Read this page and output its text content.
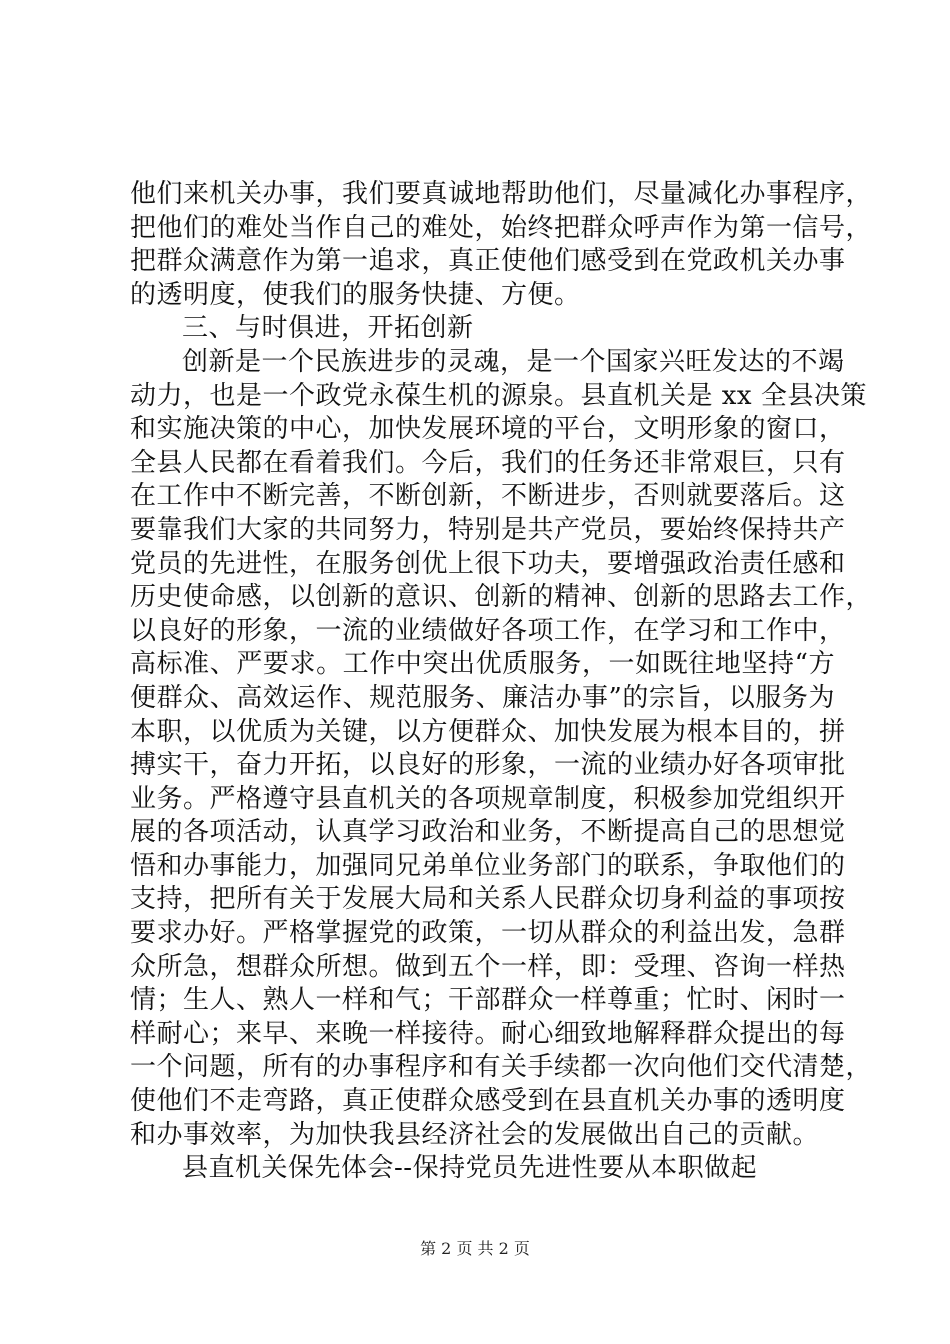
他们来机关办事，我们要真诚地帮助他们，尽量减化办事程序，
把他们的难处当作自己的难处，始终把群众呼声作为第一信号，
把群众满意作为第一追求，真正使他们感受到在党政机关办事
的透明度，使我们的服务快捷、方便。
三、与时俱进，开拓创新
创新是一个民族进步的灵魂，是一个国家兴旺发达的不竭
动力，也是一个政党永葆生机的源泉。县直机关是 xx 全县决策
和实施决策的中心，加快发展环境的平台，文明形象的窗口，
全县人民都在看着我们。今后，我们的任务还非常艰巨，只有
在工作中不断完善，不断创新，不断进步，否则就要落后。这
要靠我们大家的共同努力，特别是共产党员，要始终保持共产
党员的先进性，在服务创优上很下功夫，要增强政治责任感和
历史使命感，以创新的意识、创新的精神、创新的思路去工作，
以良好的形象，一流的业绩做好各项工作，在学习和工作中，
高标准、严要求。工作中突出优质服务，一如既往地坚持“方
便群众、高效运作、规范服务、廉洁办事”的宗旨，以服务为
本职，以优质为关键，以方便群众、加快发展为根本目的，拼
搏实干，奋力开拓，以良好的形象，一流的业绩办好各项审批
业务。严格遵守县直机关的各项规章制度，积极参加党组织开
展的各项活动，认真学习政治和业务，不断提高自己的思想觉
悟和办事能力，加强同兄弟单位业务部门的联系，争取他们的
支持，把所有关于发展大局和关系人民群众切身利益的事项按
要求办好。严格掌握党的政策，一切从群众的利益出发，急群
众所急，想群众所想。做到五个一样，即：受理、咨询一样热
情；生人、熟人一样和气；干部群众一样尊重；忙时、闲时一
样耐心；来早、来晚一样接待。耐心细致地解释群众提出的每
一个问题，所有的办事程序和有关手续都一次向他们交代清楚，
使他们不走弯路，真正使群众感受到在县直机关办事的透明度
和办事效率，为加快我县经济社会的发展做出自己的贡献。
县直机关保先体会--保持党员先进性要从本职做起
第 2 页 共 2 页
